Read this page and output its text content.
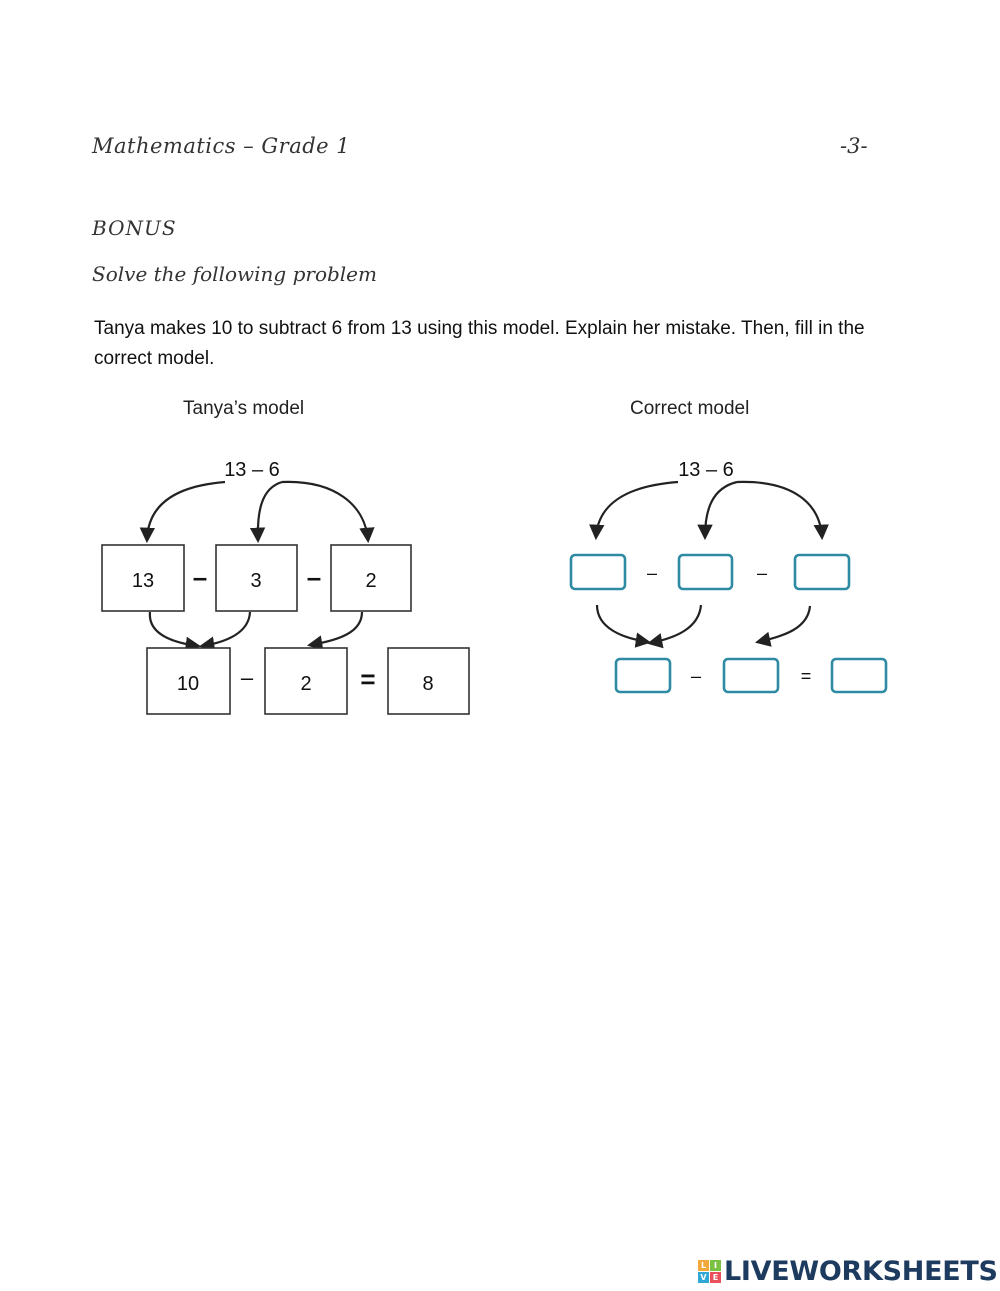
Mathematics – Grade 1	-3-
BONUS
Solve the following problem
Tanya makes 10 to subtract 6 from 13 using this model. Explain her mistake. Then, fill in the correct model.
Tanya’s model	Correct model
13 – 6
13	3	2
–	–
10	2	8
–	=
13 – 6
–	–
–	=
L I
V E LIVEWORKSHEETS
